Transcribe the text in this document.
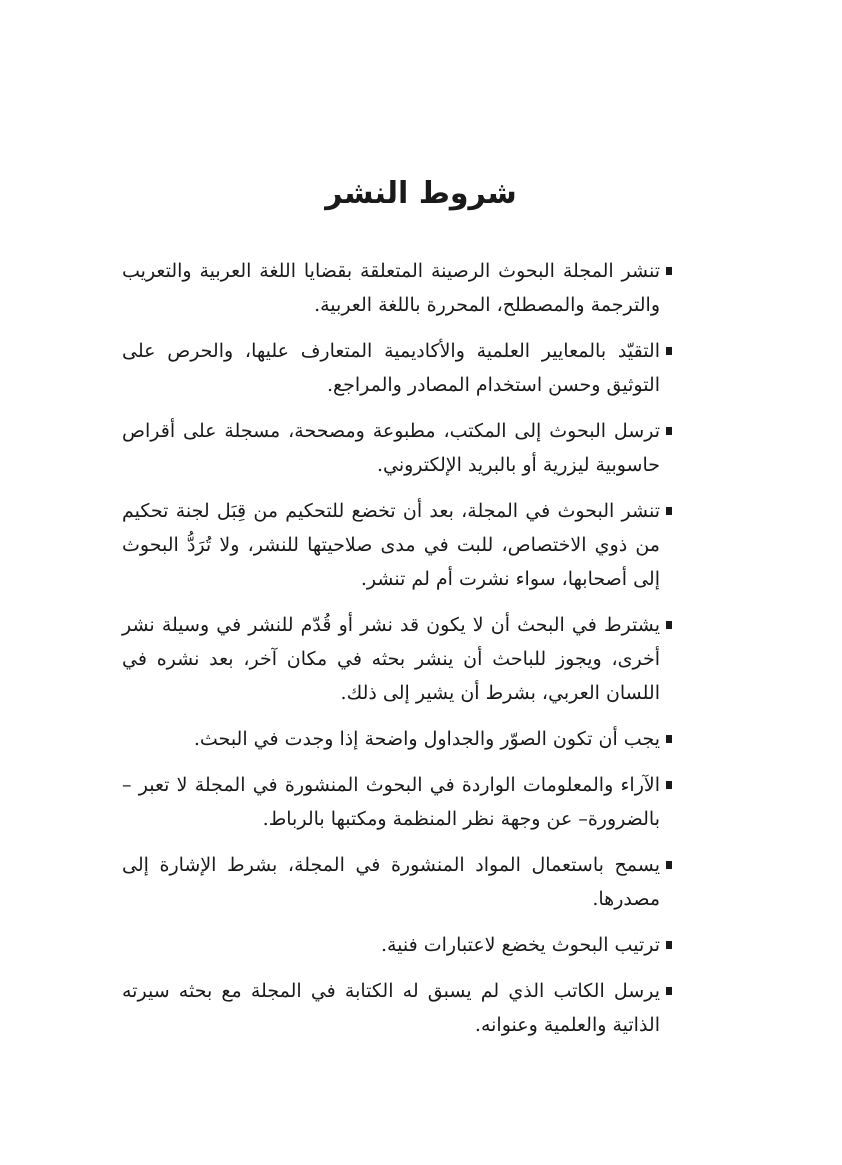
شروط النشر
تنشر المجلة البحوث الرصينة المتعلقة بقضايا اللغة العربية والتعريب والترجمة والمصطلح، المحررة باللغة العربية.
التقيّد بالمعايير العلمية والأكاديمية المتعارف عليها، والحرص على التوثيق وحسن استخدام المصادر والمراجع.
ترسل البحوث إلى المكتب، مطبوعة ومصححة، مسجلة على أقراص حاسوبية ليزرية أو بالبريد الإلكتروني.
تنشر البحوث في المجلة، بعد أن تخضع للتحكيم من قِبَل لجنة تحكيم من ذوي الاختصاص، للبت في مدى صلاحيتها للنشر، ولا تُرَدُّ البحوث إلى أصحابها، سواء نشرت أم لم تنشر.
يشترط في البحث أن لا يكون قد نشر أو قُدّم للنشر في وسيلة نشر أخرى، ويجوز للباحث أن ينشر بحثه في مكان آخر، بعد نشره في اللسان العربي، بشرط أن يشير إلى ذلك.
يجب أن تكون الصوّر والجداول واضحة إذا وجدت في البحث.
الآراء والمعلومات الواردة في البحوث المنشورة في المجلة لا تعبر –بالضرورة– عن وجهة نظر المنظمة ومكتبها بالرباط.
يسمح باستعمال المواد المنشورة في المجلة، بشرط الإشارة إلى مصدرها.
ترتيب البحوث يخضع لاعتبارات فنية.
يرسل الكاتب الذي لم يسبق له الكتابة في المجلة مع بحثه سيرته الذاتية والعلمية وعنوانه.
